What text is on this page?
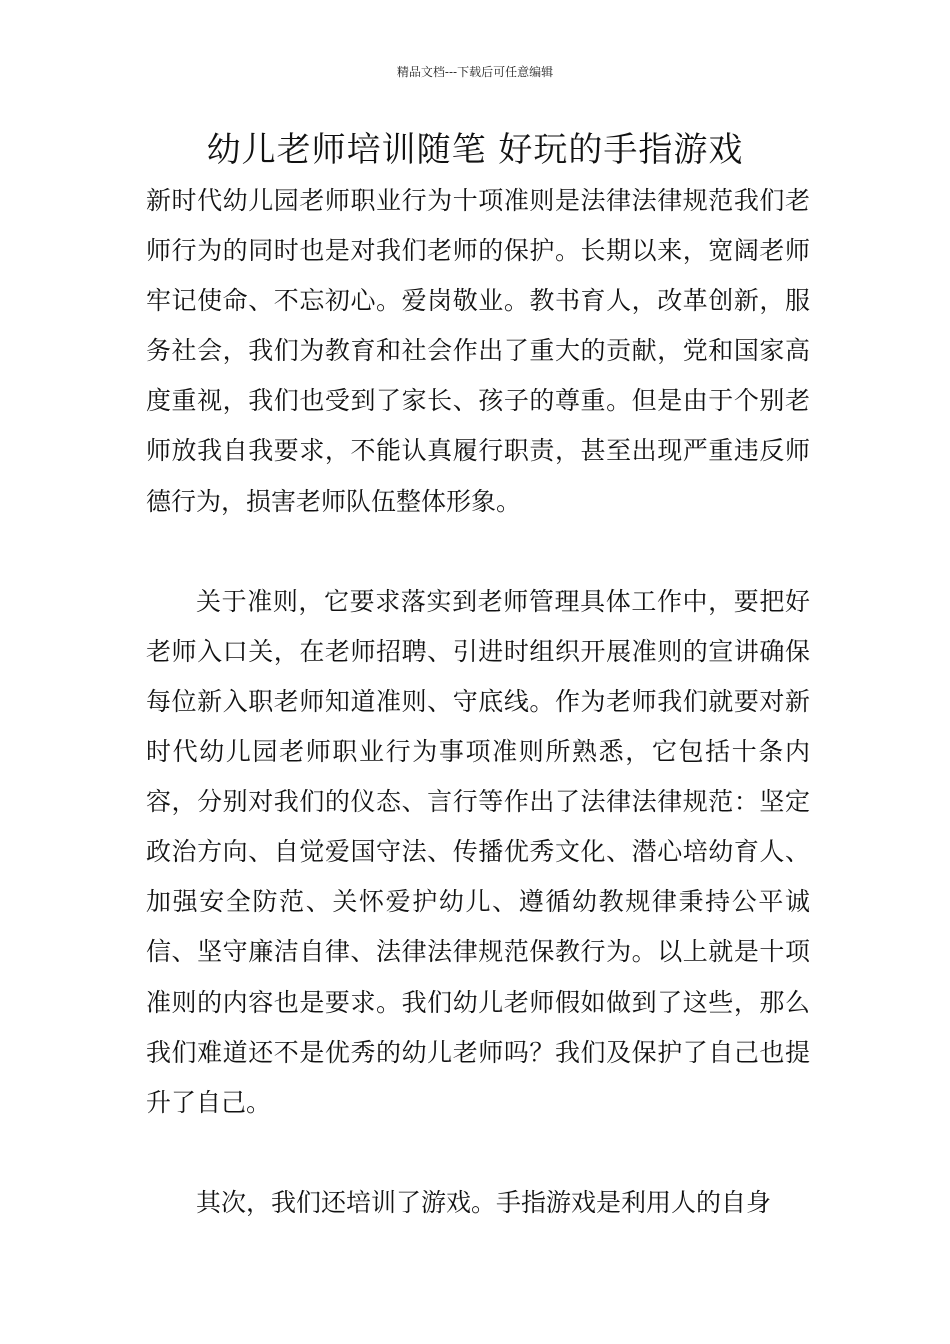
精品文档---下载后可任意编辑
幼儿老师培训随笔 好玩的手指游戏

新时代幼儿园老师职业行为十项准则是法律法律规范我们老师行为的同时也是对我们老师的保护。长期以来，宽阔老师牢记使命、不忘初心。爱岗敬业。教书育人，改革创新，服务社会，我们为教育和社会作出了重大的贡献，党和国家高度重视，我们也受到了家长、孩子的尊重。但是由于个别老师放我自我要求，不能认真履行职责，甚至出现严重违反师德行为，损害老师队伍整体形象。

关于准则，它要求落实到老师管理具体工作中，要把好老师入口关，在老师招聘、引进时组织开展准则的宣讲确保每位新入职老师知道准则、守底线。作为老师我们就要对新时代幼儿园老师职业行为事项准则所熟悉，它包括十条内容，分别对我们的仪态、言行等作出了法律法律规范：坚定政治方向、自觉爱国守法、传播优秀文化、潜心培幼育人、加强安全防范、关怀爱护幼儿、遵循幼教规律秉持公平诚信、坚守廉洁自律、法律法律规范保教行为。以上就是十项准则的内容也是要求。我们幼儿老师假如做到了这些，那么我们难道还不是优秀的幼儿老师吗？我们及保护了自己也提升了自己。

其次，我们还培训了游戏。手指游戏是利用人的自身
